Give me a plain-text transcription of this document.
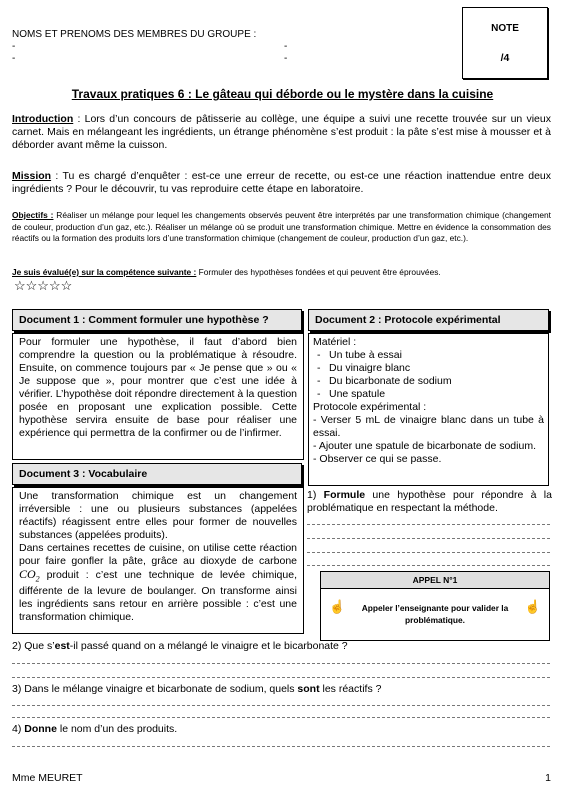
NOMS ET PRENOMS DES MEMBRES DU GROUPE :
-	-
-	-
NOTE
/4
Travaux pratiques 6 : Le gâteau qui déborde ou le mystère dans la cuisine
Introduction : Lors d’un concours de pâtisserie au collège, une équipe a suivi une recette trouvée sur un vieux carnet. Mais en mélangeant les ingrédients, un étrange phénomène s’est produit : la pâte s’est mise à mousser et à déborder avant même la cuisson.
Mission : Tu es chargé d’enquêter : est-ce une erreur de recette, ou est-ce une réaction inattendue entre deux ingrédients ? Pour le découvrir, tu vas reproduire cette étape en laboratoire.
Objectifs : Réaliser un mélange pour lequel les changements observés peuvent être interprétés par une transformation chimique (changement de couleur, production d’un gaz, etc.). Réaliser un mélange où se produit une transformation chimique. Mettre en évidence la consommation des réactifs ou la formation des produits lors d’une transformation chimique (changement de couleur, production d’un gaz, etc.).
Je suis évalué(e) sur la compétence suivante : Formuler des hypothèses fondées et qui peuvent être éprouvées.
☆☆☆☆☆
Document 1 : Comment formuler une hypothèse ?
Pour formuler une hypothèse, il faut d’abord bien comprendre la question ou la problématique à résoudre. Ensuite, on commence toujours par « Je pense que » ou « Je suppose que », pour montrer que c’est une idée à vérifier. L’hypothèse doit répondre directement à la question posée en proposant une explication possible. Cette hypothèse servira ensuite de base pour réaliser une expérience qui permettra de la confirmer ou de l’infirmer.
Document 2 : Protocole expérimental
Matériel :
- Un tube à essai
- Du vinaigre blanc
- Du bicarbonate de sodium
- Une spatule
Protocole expérimental :
- Verser 5 mL de vinaigre blanc dans un tube à essai.
- Ajouter une spatule de bicarbonate de sodium.
- Observer ce qui se passe.
Document 3 : Vocabulaire
Une transformation chimique est un changement irréversible : une ou plusieurs substances (appelées réactifs) réagissent entre elles pour former de nouvelles substances (appelées produits).
Dans certaines recettes de cuisine, on utilise cette réaction pour faire gonfler la pâte, grâce au dioxyde de carbone $CO_2$ produit : c’est une technique de levée chimique, différente de la levure de boulanger. On transforme ainsi les ingrédients sans retour en arrière possible : c’est une transformation chimique.
1) Formule une hypothèse pour répondre à la problématique en respectant la méthode.
APPEL N°1
☝	Appeler l’enseignante pour valider la problématique.
☝
2) Que s’est-il passé quand on a mélangé le vinaigre et le bicarbonate ?
3) Dans le mélange vinaigre et bicarbonate de sodium, quels sont les réactifs ?
4) Donne le nom d’un des produits.
Mme MEURET	1
